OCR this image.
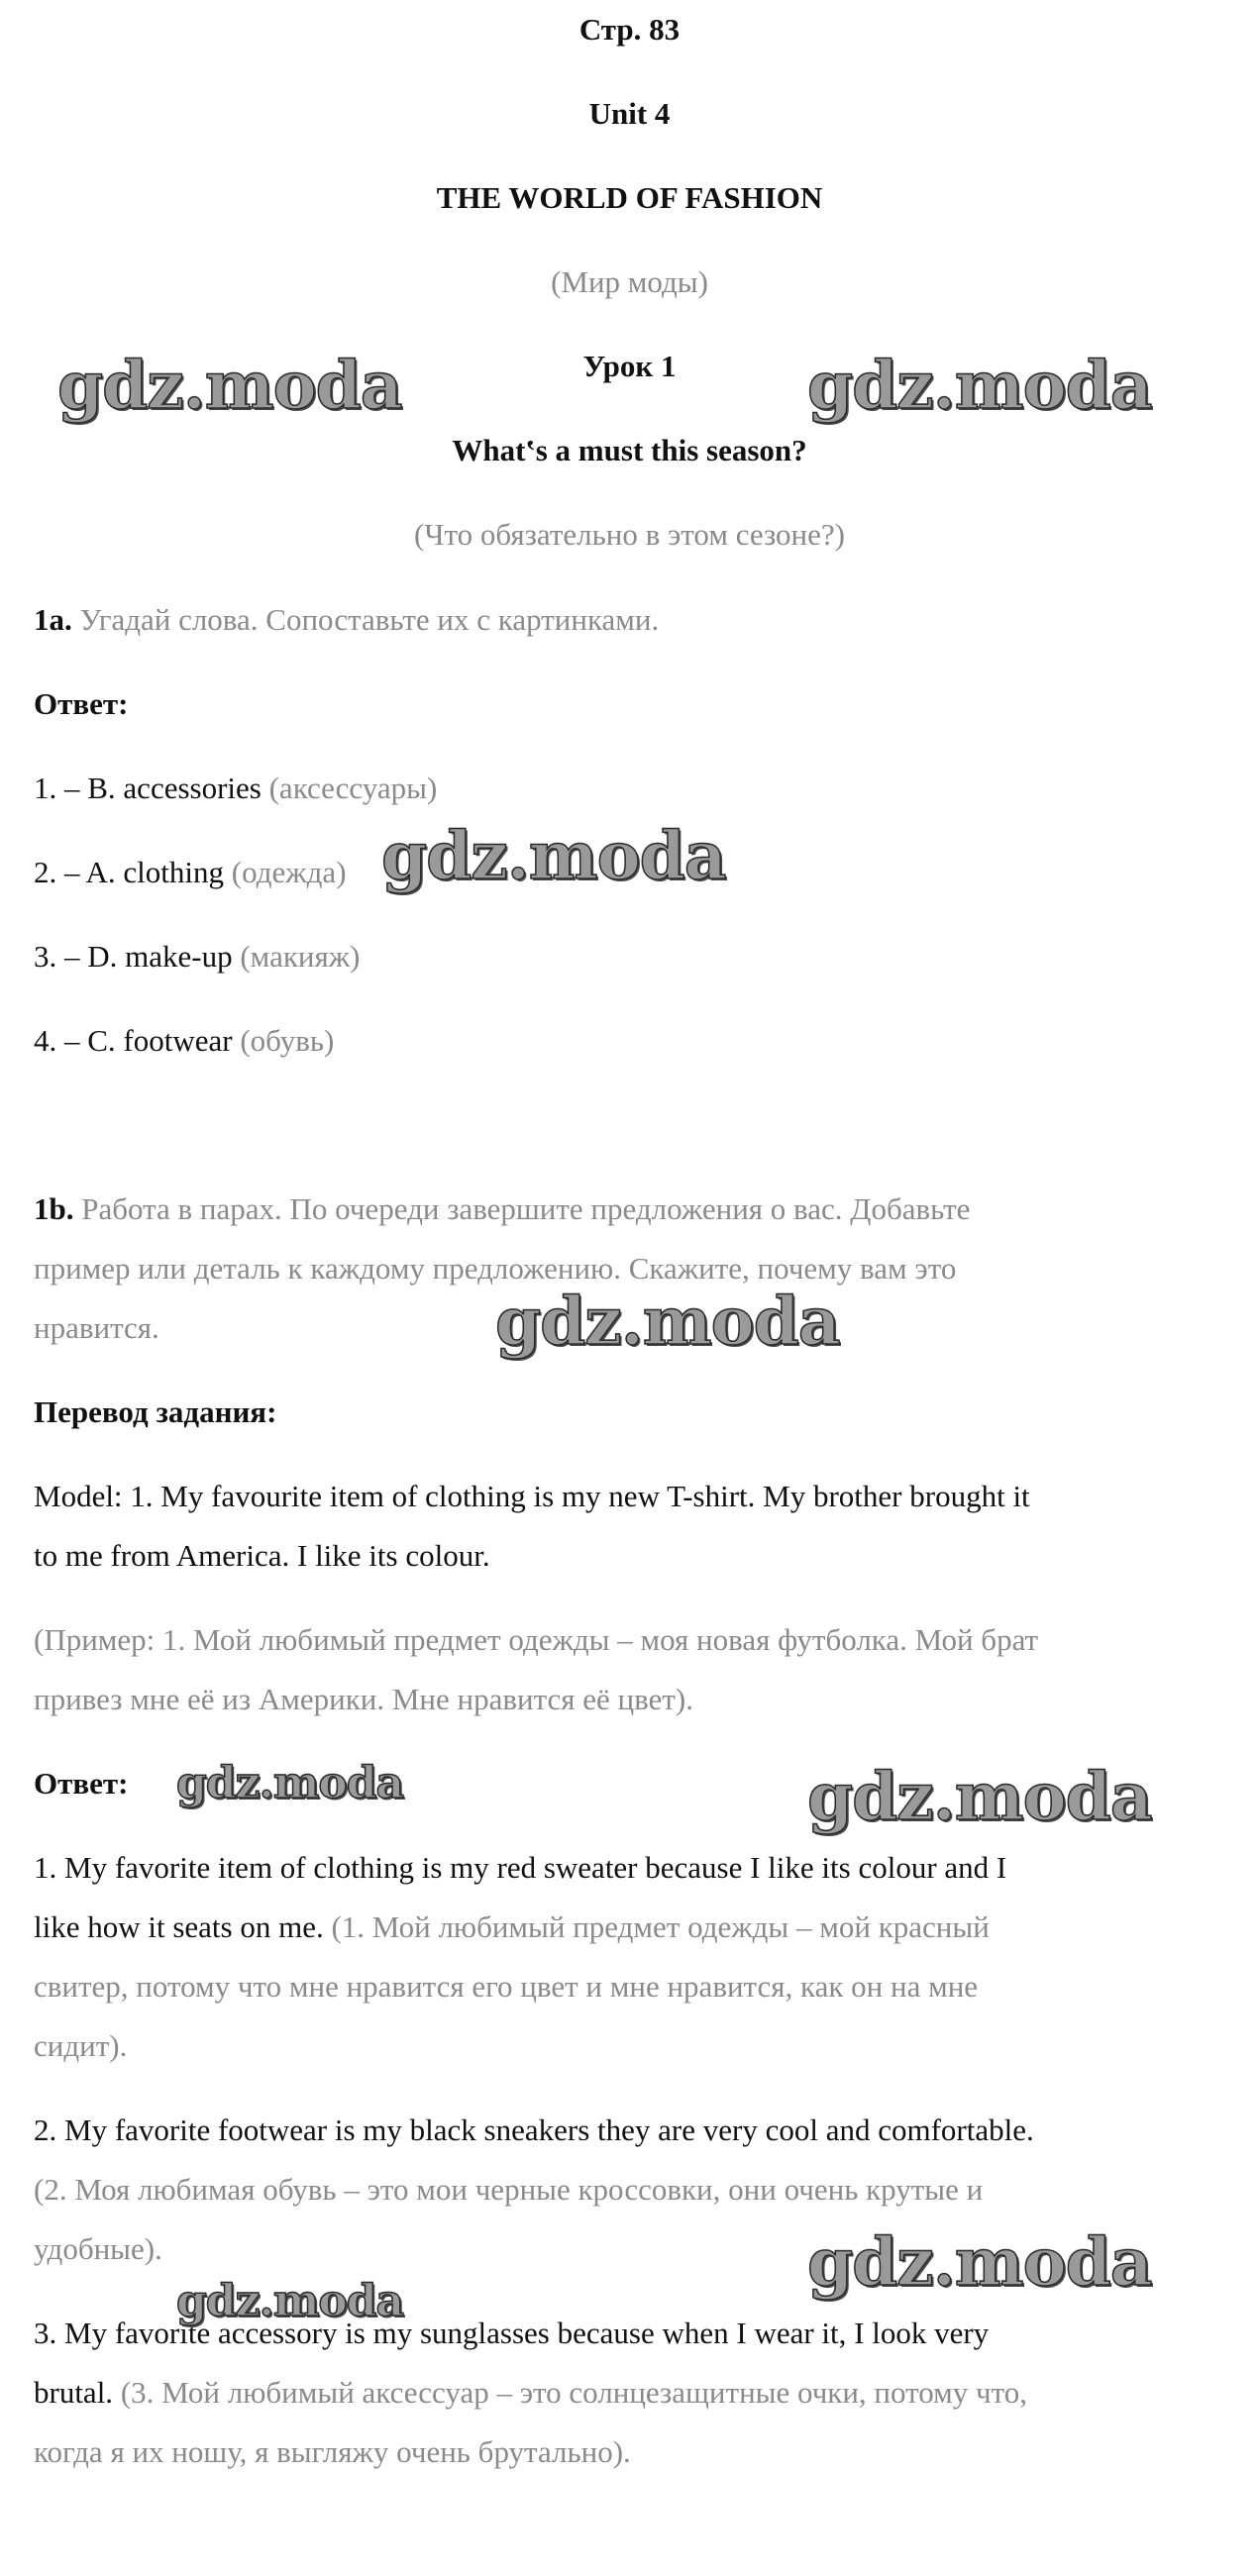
Стр. 83
Unit 4
THE WORLD OF FASHION
(Мир моды)
Урок 1
What‛s a must this season?
(Что обязательно в этом сезоне?)
1a. Угадай слова. Сопоставьте их с картинками.
Ответ:
1. – B. accessories (аксессуары)
2. – A. clothing (одежда)
3. – D. make-up (макияж)
4. – C. footwear (обувь)
1b. Работа в парах. По очереди завершите предложения о вас. Добавьте
пример или деталь к каждому предложению. Скажите, почему вам это
нравится.
Перевод задания:
Model: 1. My favourite item of clothing is my new T-shirt. My brother brought it
to me from America. I like its colour.
(Пример: 1. Мой любимый предмет одежды – моя новая футболка. Мой брат
привез мне её из Америки. Мне нравится её цвет).
Ответ:
1. My favorite item of clothing is my red sweater because I like its colour and I
like how it seats on me. (1. Мой любимый предмет одежды – мой красный
свитер, потому что мне нравится его цвет и мне нравится, как он на мне
сидит).
2. My favorite footwear is my black sneakers they are very cool and comfortable.
(2. Моя любимая обувь – это мои черные кроссовки, они очень крутые и
удобные).
3. My favorite accessory is my sunglasses because when I wear it, I look very
brutal. (3. Мой любимый аксессуар – это солнцезащитные очки, потому что,
когда я их ношу, я выгляжу очень брутально).
gdz.moda	gdz.moda
gdz.moda
gdz.moda
gdz.moda	gdz.moda
gdz.moda
gdz.moda
